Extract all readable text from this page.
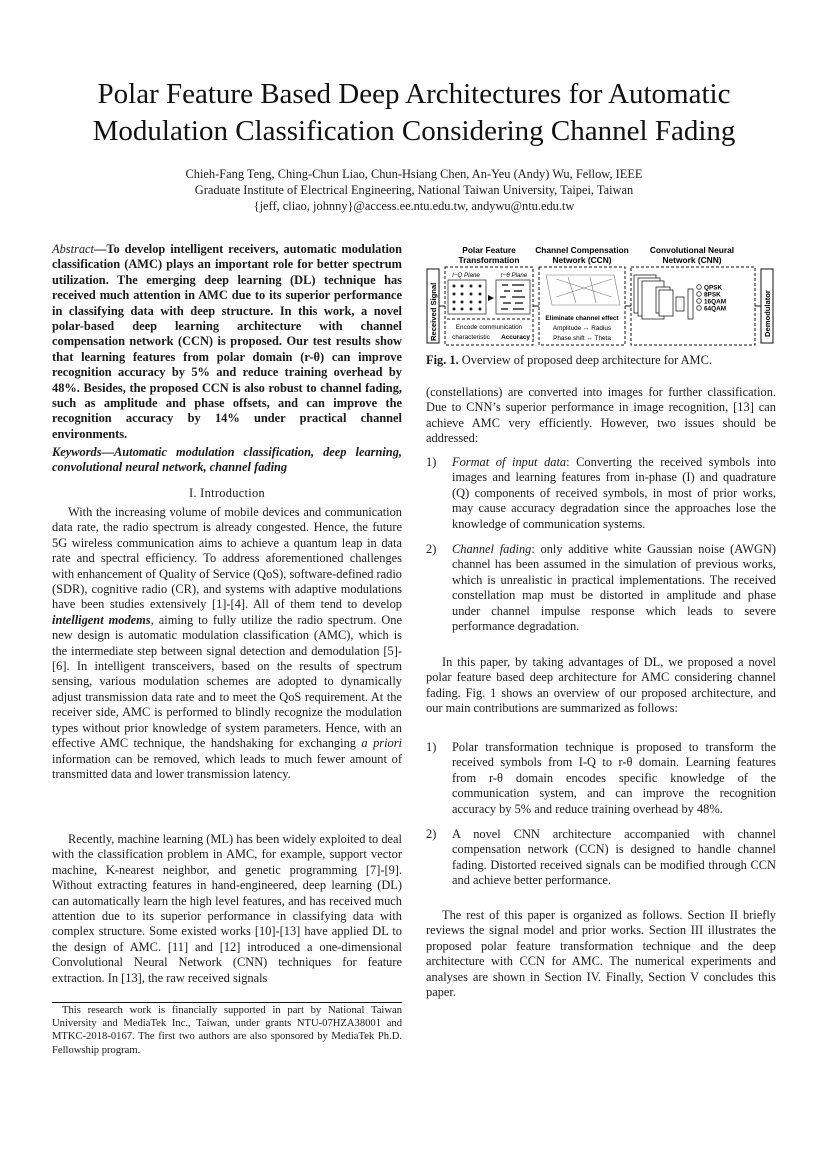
Polar Feature Based Deep Architectures for Automatic
Modulation Classification Considering Channel Fading
Chieh-Fang Teng, Ching-Chun Liao, Chun-Hsiang Chen, An-Yeu (Andy) Wu, Fellow, IEEE
Graduate Institute of Electrical Engineering, National Taiwan University, Taipei, Taiwan
{jeff, cliao, johnny}@access.ee.ntu.edu.tw, andywu@ntu.edu.tw

Abstract—To develop intelligent receivers, automatic modulation classification (AMC) plays an important role for better spectrum utilization. The emerging deep learning (DL) technique has received much attention in AMC due to its superior performance in classifying data with deep structure. In this work, a novel polar-based deep learning architecture with channel compensation network (CCN) is proposed. Our test results show that learning features from polar domain (r-θ) can improve recognition accuracy by 5% and reduce training overhead by 48%. Besides, the proposed CCN is also robust to channel fading, such as amplitude and phase offsets, and can improve the recognition accuracy by 14% under practical channel environments.

Keywords—Automatic modulation classification, deep learning, convolutional neural network, channel fading

I. Introduction

With the increasing volume of mobile devices and communication data rate, the radio spectrum is already congested. Hence, the future 5G wireless communication aims to achieve a quantum leap in data rate and spectral efficiency. To address aforementioned challenges with enhancement of Quality of Service (QoS), software-defined radio (SDR), cognitive radio (CR), and systems with adaptive modulations have been studies extensively [1]-[4]. All of them tend to develop intelligent modems, aiming to fully utilize the radio spectrum. One new design is automatic modulation classification (AMC), which is the intermediate step between signal detection and demodulation [5]-[6]. In intelligent transceivers, based on the results of spectrum sensing, various modulation schemes are adopted to dynamically adjust transmission data rate and to meet the QoS requirement. At the receiver side, AMC is performed to blindly recognize the modulation types without prior knowledge of system parameters. Hence, with an effective AMC technique, the handshaking for exchanging a priori information can be removed, which leads to much fewer amount of transmitted data and lower transmission latency.

Recently, machine learning (ML) has been widely exploited to deal with the classification problem in AMC, for example, support vector machine, K-nearest neighbor, and genetic programming [7]-[9]. Without extracting features in hand-engineered, deep learning (DL) can automatically learn the high level features, and has received much attention due to its superior performance in classifying data with complex structure. Some existed works [10]-[13] have applied DL to the design of AMC. [11] and [12] introduced a one-dimensional Convolutional Neural Network (CNN) techniques for feature extraction. In [13], the raw received signals

This research work is financially supported in part by National Taiwan University and MediaTek Inc., Taiwan, under grants NTU-07HZA38001 and MTKC-2018-0167. The first two authors are also sponsored by MediaTek Ph.D. Fellowship program.
Polar Feature
Transformation
Channel Compensation
Network (CCN)
Convolutional Neural
Network (CNN)
Received Signal
I−Q Plane	r−θ Plane
Encode communication
characteristic Accuracy ↑
Eliminate channel effect
Amplitude ↔ Radius
Phase shift ↔ Theta
QPSK
8PSK
16QAM
64QAM	Demodulator
Fig. 1. Overview of proposed deep architecture for AMC.

(constellations) are converted into images for further classification. Due to CNN’s superior performance in image recognition, [13] can achieve AMC very efficiently. However, two issues should be addressed:

1) Format of input data: Converting the received symbols into images and learning features from in-phase (I) and quadrature (Q) components of received symbols, in most of prior works, may cause accuracy degradation since the approaches lose the knowledge of communication systems.
2) Channel fading: only additive white Gaussian noise (AWGN) channel has been assumed in the simulation of previous works, which is unrealistic in practical implementations. The received constellation map must be distorted in amplitude and phase under channel impulse response which leads to severe performance degradation.

In this paper, by taking advantages of DL, we proposed a novel polar feature based deep architecture for AMC considering channel fading. Fig. 1 shows an overview of our proposed architecture, and our main contributions are summarized as follows:

1) Polar transformation technique is proposed to transform the received symbols from I-Q to r-θ domain. Learning features from r-θ domain encodes specific knowledge of the communication system, and can improve the recognition accuracy by 5% and reduce training overhead by 48%.
2) A novel CNN architecture accompanied with channel compensation network (CCN) is designed to handle channel fading. Distorted received signals can be modified through CCN and achieve better performance.

The rest of this paper is organized as follows. Section II briefly reviews the signal model and prior works. Section III illustrates the proposed polar feature transformation technique and the deep architecture with CCN for AMC. The numerical experiments and analyses are shown in Section IV. Finally, Section V concludes this paper.
